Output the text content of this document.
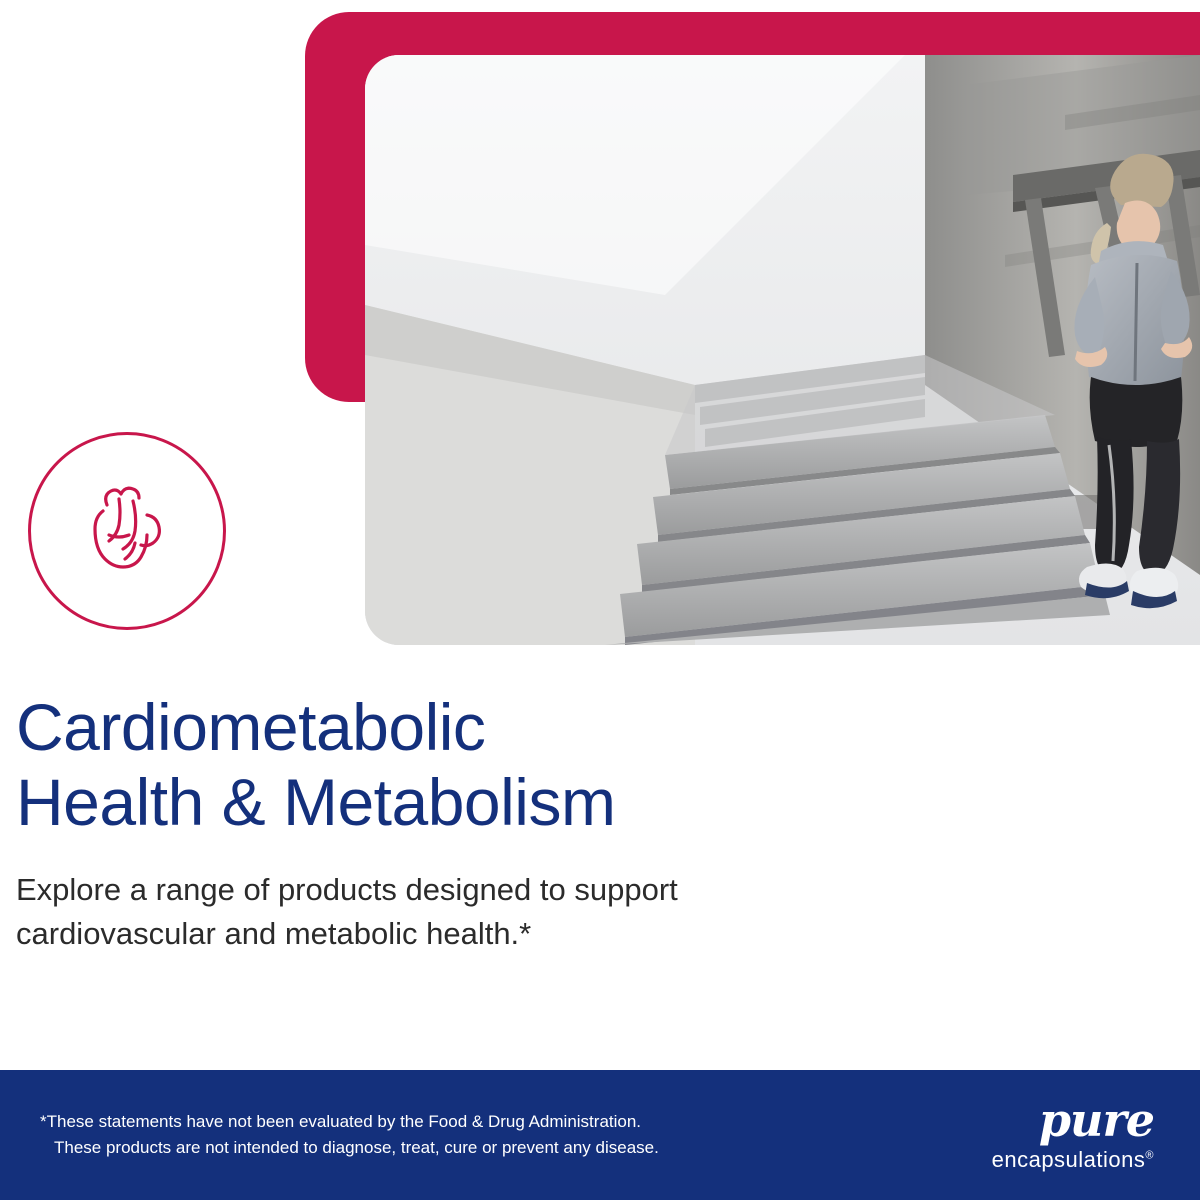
Cardiometabolic
Health & Metabolism

Explore a range of products designed to support
cardiovascular and metabolic health.*

*These statements have not been evaluated by the Food & Drug Administration.
These products are not intended to diagnose, treat, cure or prevent any disease.
pure
encapsulations®
